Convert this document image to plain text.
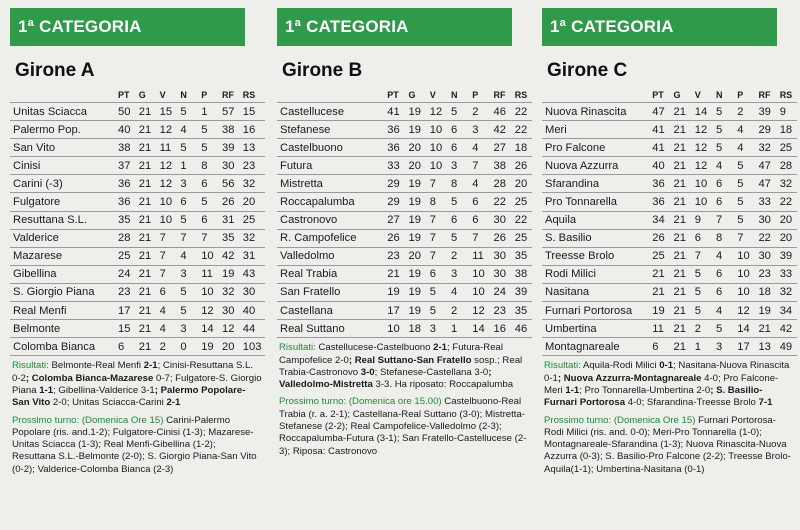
1ª CATEGORIA
Girone A
	PT	G	V	N	P	RF	RS
Unitas Sciacca	50	21	15	5	1	57	15
Palermo Pop.	40	21	12	4	5	38	16
San Vito	38	21	11	5	5	39	13
Cinisi	37	21	12	1	8	30	23
Carini (-3)	36	21	12	3	6	56	32
Fulgatore	36	21	10	6	5	26	20
Resuttana S.L.	35	21	10	5	6	31	25
Valderice	28	21	7	7	7	35	32
Mazarese	25	21	7	4	10	42	31
Gibellina	24	21	7	3	11	19	43
S. Giorgio Piana	23	21	6	5	10	32	30
Real Menfi	17	21	4	5	12	30	40
Belmonte	15	21	4	3	14	12	44
Colomba Bianca	6	21	2	0	19	20	103

Risultati: Belmonte-Real Menfi 2-1; Cinisi-Resuttana S.L. 0-2; Colomba Bianca-Mazarese 0-7; Fulgatore-S. Giorgio Piana 1-1; Gibellina-Valderice 3-1; Palermo Popolare-San Vito 2-0; Unitas Sciacca-Carini 2-1

Prossimo turno: (Domenica Ore 15) Carini-Palermo Popolare (ris. and.1-2); Fulgatore-Cinisi (1-3); Mazarese-Unitas Sciacca (1-3); Real Menfi-Gibellina (1-2); Resuttana S.L.-Belmonte (2-0); S. Giorgio Piana-San Vito (0-2); Valderice-Colomba Bianca (2-3)

1ª CATEGORIA
Girone B
	PT	G	V	N	P	RF	RS
Castellucese	41	19	12	5	2	46	22
Stefanese	36	19	10	6	3	42	22
Castelbuono	36	20	10	6	4	27	18
Futura	33	20	10	3	7	38	26
Mistretta	29	19	7	8	4	28	20
Roccapalumba	29	19	8	5	6	22	25
Castronovo	27	19	7	6	6	30	22
R. Campofelice	26	19	7	5	7	26	25
Valledolmo	23	20	7	2	11	30	35
Real Trabia	21	19	6	3	10	30	38
San Fratello	19	19	5	4	10	24	39
Castellana	17	19	5	2	12	23	35
Real Suttano	10	18	3	1	14	16	46

Risultati: Castellucese-Castelbuono 2-1; Futura-Real Campofelice 2-0; Real Suttano-San Fratello sosp.; Real Trabia-Castronovo 3-0; Stefanese-Castellana 3-0; Valledolmo-Mistretta 3-3. Ha riposato: Roccapalumba

Prossimo turno: (Domenica ore 15.00) Castelbuono-Real Trabia (r. a. 2-1); Castellana-Real Suttano (3-0); Mistretta-Stefanese (2-2); Real Campofelice-Valledolmo (2-3); Roccapalumba-Futura (3-1); San Fratello-Castellucese (2-3); Riposa: Castronovo

1ª CATEGORIA
Girone C
	PT	G	V	N	P	RF	RS
Nuova Rinascita	47	21	14	5	2	39	9
Meri	41	21	12	5	4	29	18
Pro Falcone	41	21	12	5	4	32	25
Nuova Azzurra	40	21	12	4	5	47	28
Sfarandina	36	21	10	6	5	47	32
Pro Tonnarella	36	21	10	6	5	33	22
Aquila	34	21	9	7	5	30	20
S. Basilio	26	21	6	8	7	22	20
Treesse Brolo	25	21	7	4	10	30	39
Rodi Milici	21	21	5	6	10	23	33
Nasitana	21	21	5	6	10	18	32
Furnari Portorosa	19	21	5	4	12	19	34
Umbertina	11	21	2	5	14	21	42
Montagnareale	6	21	1	3	17	13	49

Risultati: Aquila-Rodi Milici 0-1; Nasitana-Nuova Rinascita 0-1; Nuova Azzurra-Montagnareale 4-0; Pro Falcone-Meri 1-1; Pro Tonnarella-Umbertina 2-0; S. Basilio-Furnari Portorosa 4-0; Sfarandina-Treesse Brolo 7-1

Prossimo turno: (Domenica Ore 15) Furnari Portorosa-Rodi Milici (ris. and. 0-0); Meri-Pro Tonnarella (1-0); Montagnareale-Sfarandina (1-3); Nuova Rinascita-Nuova Azzurra (0-3); S. Basilio-Pro Falcone (2-2); Treesse Brolo-Aquila(1-1); Umbertina-Nasitana (0-1)
